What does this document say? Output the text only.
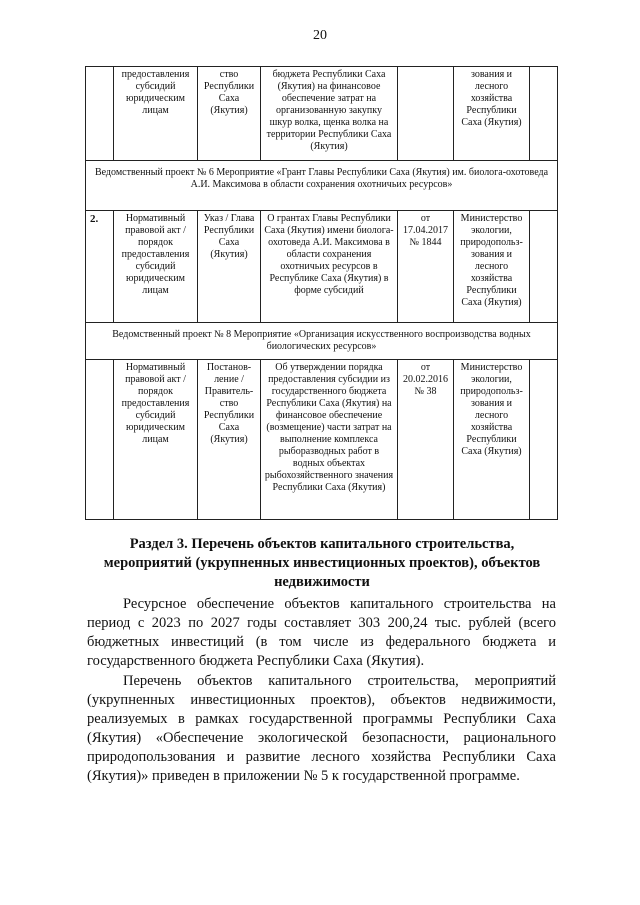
20
	предоставления субсидий юридическим лицам	ство Республики Саха (Якутия)	бюджета Республики Саха (Якутия) на финансовое обеспечение затрат на организованную закупку шкур волка, щенка волка на территории Республики Саха (Якутия)		зования и лесного хозяйства Республики Саха (Якутия)	
Ведомственный проект № 6 Мероприятие «Грант Главы Республики Саха (Якутия) им. биолога-охотоведа А.И. Максимова в области сохранения охотничьих ресурсов»						
2.	Нормативный правовой акт / порядок предоставления субсидий юридическим лицам	Указ / Глава Республики Саха (Якутия)	О грантах Главы Республики Саха (Якутия) имени биолога-охотоведа А.И. Максимова в области сохранения охотничьих ресурсов в Республике Саха (Якутия) в форме субсидий	от 17.04.2017 № 1844	Министерство экологии, природопольз- зования и лесного хозяйства Республики Саха (Якутия)	
Ведомственный проект № 8 Мероприятие «Организация искусственного воспроизводства водных биологических ресурсов»						
	Нормативный правовой акт / порядок предоставления субсидий юридическим лицам	Постанов- ление / Правитель- ство Республики Саха (Якутия)	Об утверждении порядка предоставления субсидии из государственного бюджета Республики Саха (Якутия) на финансовое обеспечение (возмещение) части затрат на выполнение комплекса рыборазводных работ в водных объектах рыбохозяйственного значения Республики Саха (Якутия)	от 20.02.2016 № 38	Министерство экологии, природопольз- зования и лесного хозяйства Республики Саха (Якутия)	
Раздел 3. Перечень объектов капитального строительства, мероприятий (укрупненных инвестиционных проектов), объектов недвижимости

Ресурсное обеспечение объектов капитального строительства на период с 2023 по 2027 годы составляет 303 200,24 тыс. рублей (всего бюджетных инвестиций (в том числе из федерального бюджета и государственного бюджета Республики Саха (Якутия).

Перечень объектов капитального строительства, мероприятий (укрупненных инвестиционных проектов), объектов недвижимости, реализуемых в рамках государственной программы Республики Саха (Якутия) «Обеспечение экологической безопасности, рационального природопользования и развитие лесного хозяйства Республики Саха (Якутия)» приведен в приложении № 5 к государственной программе.
